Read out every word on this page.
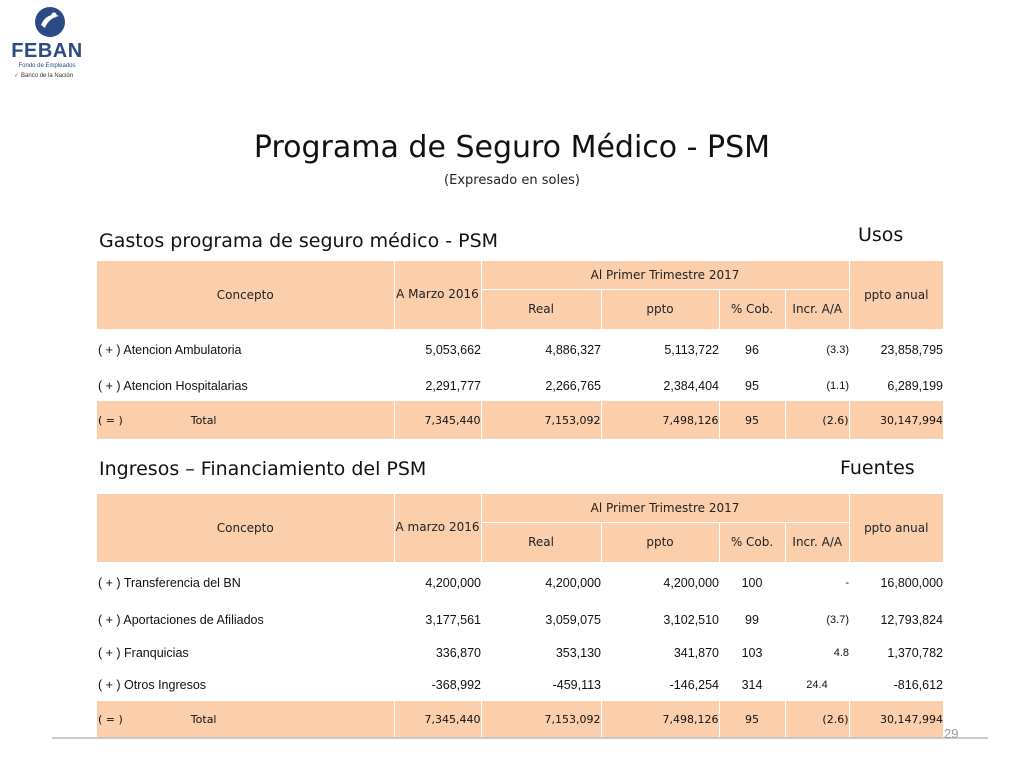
FEBAN
Fondo de Empleados
✓ Banco de la Nación
Programa de Seguro Médico - PSM
(Expresado en soles)
Gastos programa de seguro médico - PSM	Usos
Concepto	A Marzo 2016	Al Primer Trimestre 2017				ppto anual
		Real	ppto	% Cob.	Incr. A/A	
( + ) Atencion Ambulatoria	5,053,662	4,886,327	5,113,722	96	(3.3)	23,858,795
( + ) Atencion Hospitalarias	2,291,777	2,266,765	2,384,404	95	(1.1)	6,289,199
( = ) Total	7,345,440	7,153,092	7,498,126	95	(2.6)	30,147,994
Ingresos – Financiamiento del PSM	Fuentes
Concepto	A marzo 2016	Al Primer Trimestre 2017				ppto anual
		Real	ppto	% Cob.	Incr. A/A	
( + ) Transferencia del BN	4,200,000	4,200,000	4,200,000	100	-	16,800,000
( + ) Aportaciones de Afiliados	3,177,561	3,059,075	3,102,510	99	(3.7)	12,793,824
( + ) Franquicias	336,870	353,130	341,870	103	4.8	1,370,782
( + ) Otros Ingresos	-368,992	-459,113	-146,254	314	24.4	-816,612
( = ) Total	7,345,440	7,153,092	7,498,126	95	(2.6)	30,147,994
29
